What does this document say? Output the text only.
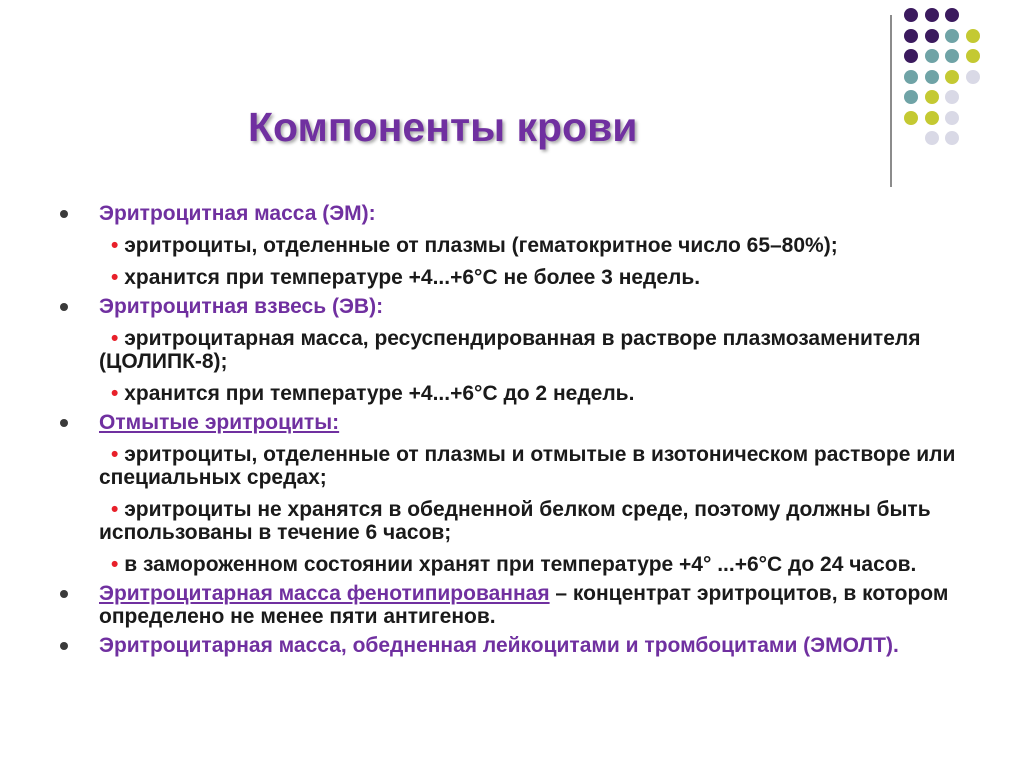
Компоненты крови
Эритроцитная масса (ЭМ):
• эритроциты, отделенные от плазмы (гематокритное число 65–80%);
• хранится при температуре +4...+6°С не более 3 недель.
Эритроцитная взвесь (ЭВ):
• эритроцитарная масса, ресуспендированная в растворе плазмозаменителя (ЦОЛИПК-8);
• хранится при температуре +4...+6°С до 2 недель.
Отмытые эритроциты:
• эритроциты, отделенные от плазмы и отмытые в изотоническом растворе или специальных средах;
• эритроциты не хранятся в обедненной белком среде, поэтому должны быть использованы в течение 6 часов;
• в замороженном состоянии хранят при температуре +4° ...+6°С до 24 часов.
Эритроцитарная масса фенотипированная – концентрат эритроцитов, в котором определено не менее пяти антигенов.
Эритроцитарная масса, обедненная лейкоцитами и тромбоцитами (ЭМОЛТ).
